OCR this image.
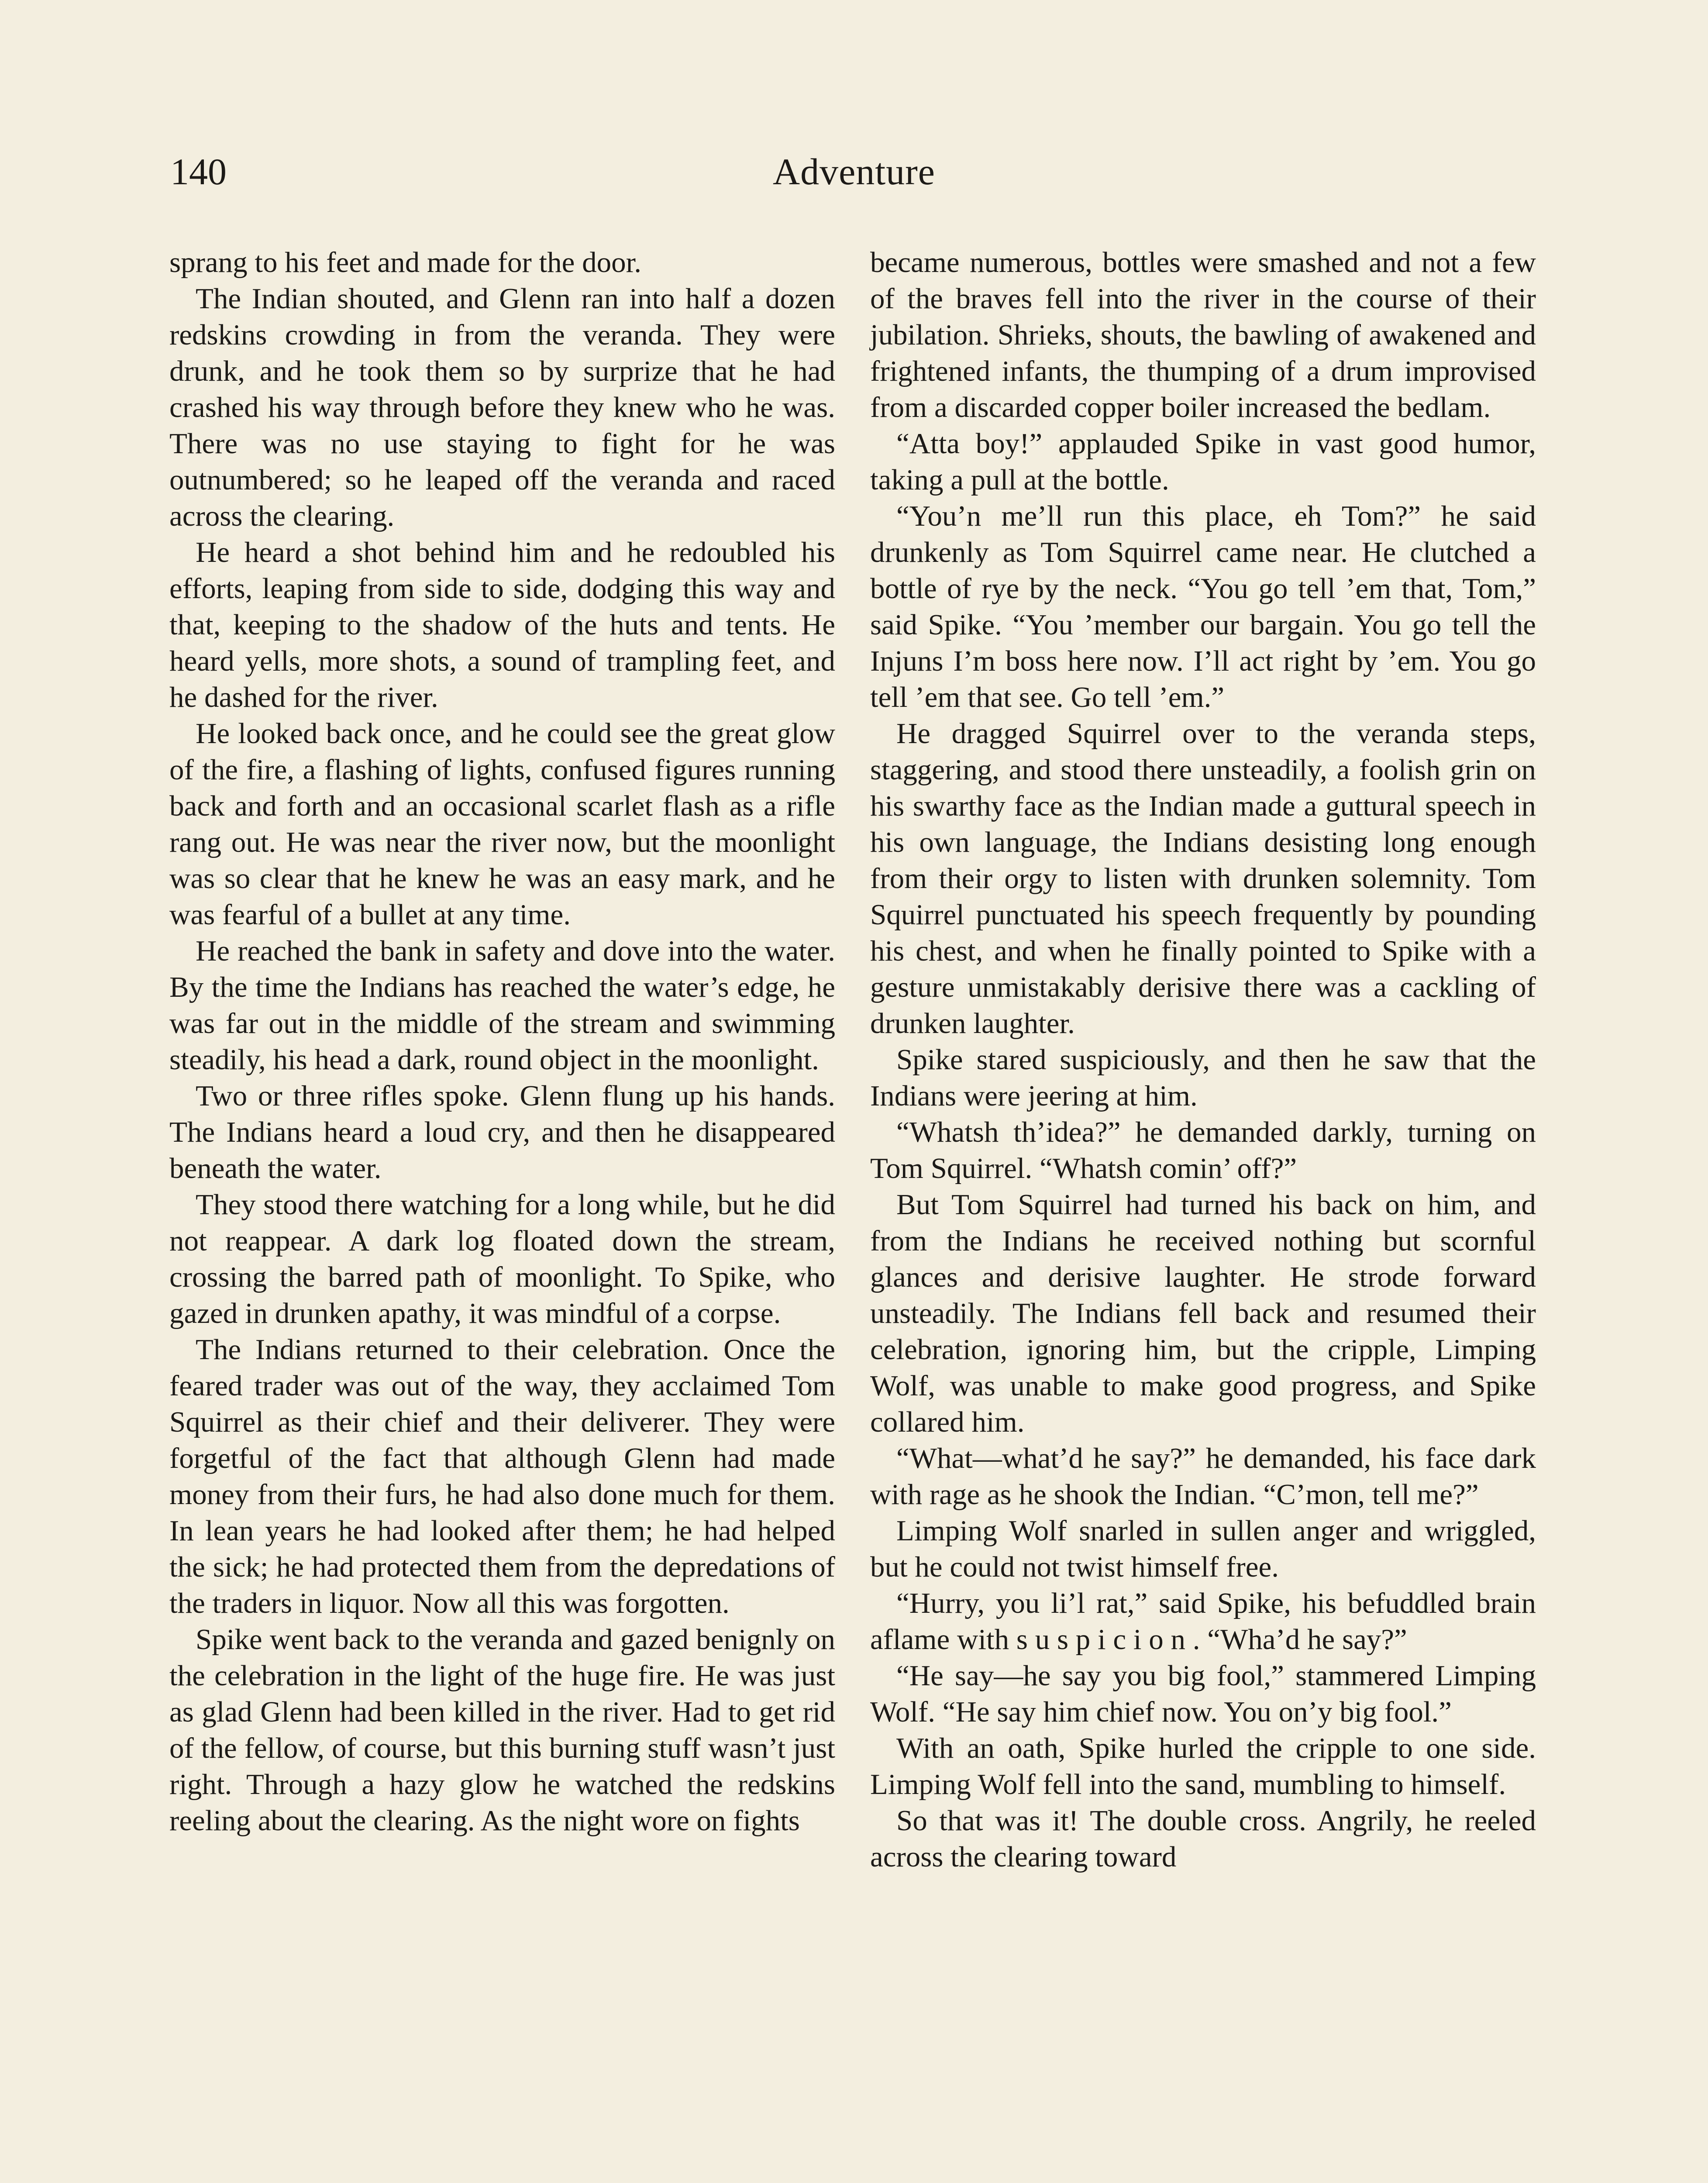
140	Adventure

sprang to his feet and made for the door.

The Indian shouted, and Glenn ran into half a dozen redskins crowding in from the veranda. They were drunk, and he took them so by surprize that he had crashed his way through before they knew who he was. There was no use staying to fight for he was outnumbered; so he leaped off the veranda and raced across the clearing.

He heard a shot behind him and he redoubled his efforts, leaping from side to side, dodging this way and that, keeping to the shadow of the huts and tents. He heard yells, more shots, a sound of trampling feet, and he dashed for the river.

He looked back once, and he could see the great glow of the fire, a flashing of lights, confused figures running back and forth and an occasional scarlet flash as a rifle rang out. He was near the river now, but the moonlight was so clear that he knew he was an easy mark, and he was fearful of a bullet at any time.

He reached the bank in safety and dove into the water. By the time the Indians has reached the water’s edge, he was far out in the middle of the stream and swimming steadily, his head a dark, round object in the moonlight.

Two or three rifles spoke. Glenn flung up his hands. The Indians heard a loud cry, and then he disappeared beneath the water.

They stood there watching for a long while, but he did not reappear. A dark log floated down the stream, crossing the barred path of moonlight. To Spike, who gazed in drunken apathy, it was mindful of a corpse.

The Indians returned to their celebration. Once the feared trader was out of the way, they acclaimed Tom Squirrel as their chief and their deliverer. They were forgetful of the fact that although Glenn had made money from their furs, he had also done much for them. In lean years he had looked after them; he had helped the sick; he had protected them from the depredations of the traders in liquor. Now all this was forgotten.

Spike went back to the veranda and gazed benignly on the celebration in the light of the huge fire. He was just as glad Glenn had been killed in the river. Had to get rid of the fellow, of course, but this burning stuff wasn’t just right. Through a hazy glow he watched the redskins reeling about the clearing. As the night wore on fights

became numerous, bottles were smashed and not a few of the braves fell into the river in the course of their jubilation. Shrieks, shouts, the bawling of awakened and frightened infants, the thumping of a drum improvised from a discarded copper boiler increased the bedlam.

“Atta boy!” applauded Spike in vast good humor, taking a pull at the bottle.

“You’n me’ll run this place, eh Tom?” he said drunkenly as Tom Squirrel came near. He clutched a bottle of rye by the neck. “You go tell ’em that, Tom,” said Spike. “You ’member our bargain. You go tell the Injuns I’m boss here now. I’ll act right by ’em. You go tell ’em that see. Go tell ’em.”

He dragged Squirrel over to the veranda steps, staggering, and stood there unsteadily, a foolish grin on his swarthy face as the Indian made a guttural speech in his own language, the Indians desisting long enough from their orgy to listen with drunken solemnity. Tom Squirrel punctuated his speech frequently by pounding his chest, and when he finally pointed to Spike with a gesture unmistakably derisive there was a cackling of drunken laughter.

Spike stared suspiciously, and then he saw that the Indians were jeering at him.

“Whatsh th’idea?” he demanded darkly, turning on Tom Squirrel. “Whatsh comin’ off?”

But Tom Squirrel had turned his back on him, and from the Indians he received nothing but scornful glances and derisive laughter. He strode forward unsteadily. The Indians fell back and resumed their celebration, ignoring him, but the cripple, Limping Wolf, was unable to make good progress, and Spike collared him.

“What—what’d he say?” he demanded, his face dark with rage as he shook the Indian. “C’mon, tell me?”

Limping Wolf snarled in sullen anger and wriggled, but he could not twist himself free.

“Hurry, you li’l rat,” said Spike, his befuddled brain aflame with s u s p i c i o n . “Wha’d he say?”

“He say—he say you big fool,” stammered Limping Wolf. “He say him chief now. You on’y big fool.”

With an oath, Spike hurled the cripple to one side. Limping Wolf fell into the sand, mumbling to himself.

So that was it! The double cross. Angrily, he reeled across the clearing toward
